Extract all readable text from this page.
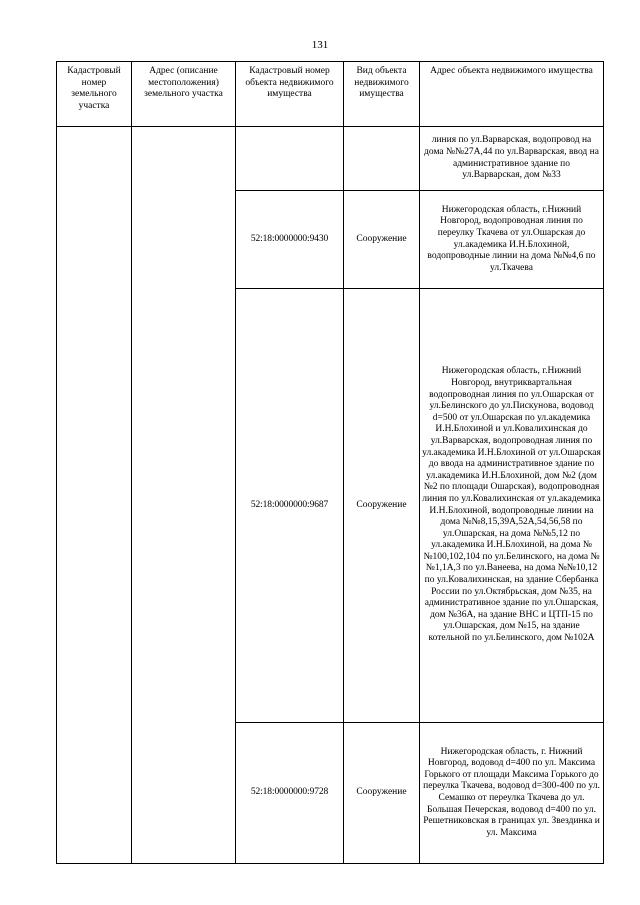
131
Кадастровый номер земельного участка	Адрес (описание местоположения) земельного участка	Кадастровый номер объекта недвижимого имущества	Вид объекта недвижимого имущества	Адрес объекта недвижимого имущества
				линия по ул.Варварская, водопровод на дома №№27А,44 по ул.Варварская, ввод на административное здание по ул.Варварская, дом №33
		52:18:0000000:9430	Сооружение	Нижегородская область, г.Нижний Новгород, водопроводная линия по переулку Ткачева от ул.Ошарская до ул.академика И.Н.Блохиной, водопроводные линии на дома №№4,6 по ул.Ткачева
		52:18:0000000:9687	Сооружение	Нижегородская область, г.Нижний Новгород, внутриквартальная водопроводная линия по ул.Ошарская от ул.Белинского до ул.Пискунова, водовод d=500 от ул.Ошарская по ул.академика И.Н.Блохиной и ул.Ковалихинская до ул.Варварская, водопроводная линия по ул.академика И.Н.Блохиной от ул.Ошарская до ввода на административное здание по ул.академика И.Н.Блохиной, дом №2 (дом №2 по площади Ошарская), водопроводная линия по ул.Ковалихинская от ул.академика И.Н.Блохиной, водопроводные линии на дома №№8,15,39А,52А,54,56,58 по ул.Ошарская, на дома №№5,12 по ул.академика И.Н.Блохиной, на дома №№100,102,104 по ул.Белинского, на дома №№1,1А,3 по ул.Ванеева, на дома №№10,12 по ул.Ковалихинская, на здание Сбербанка России по ул.Октябрьская, дом №35, на административное здание по ул.Ошарская, дом №36А, на здание ВНС и ЦТП-15 по ул.Ошарская, дом №15, на здание котельной по ул.Белинского, дом №102А
		52:18:0000000:9728	Сооружение	Нижегородская область, г. Нижний Новгород, водовод d=400 по ул. Максима Горького от площади Максима Горького до переулка Ткачева, водовод d=300-400 по ул. Семашко от переулка Ткачева до ул. Большая Печерская, водовод d=400 по ул. Решетниковская в границах ул. Звездинка и ул. Максима
